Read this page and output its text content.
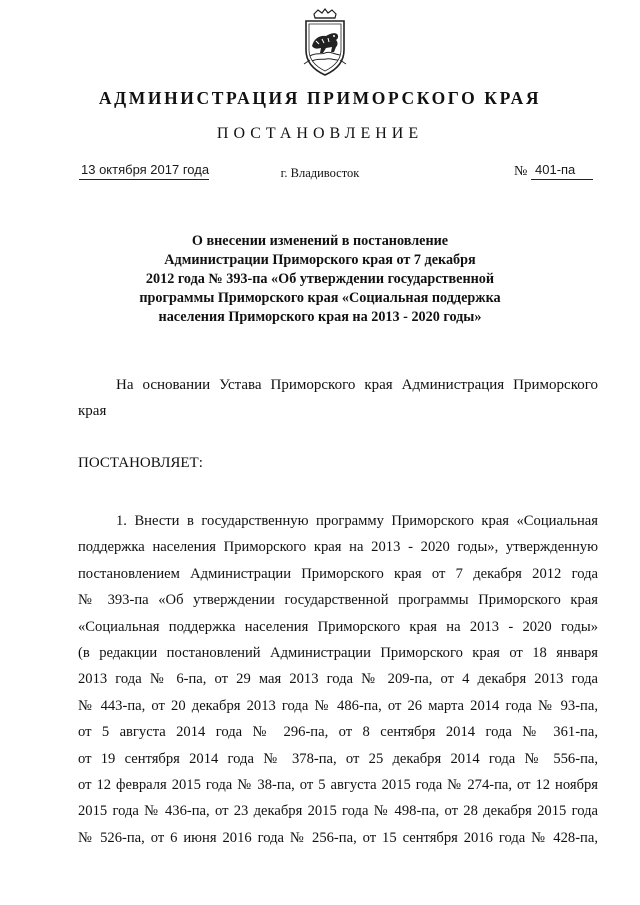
АДМИНИСТРАЦИЯ ПРИМОРСКОГО КРАЯ
ПОСТАНОВЛЕНИЕ
13 октября 2017 года	г. Владивосток	№ 401-па
О внесении изменений в постановление
Администрации Приморского края от 7 декабря
2012 года № 393-па «Об утверждении государственной
программы Приморского края «Социальная поддержка
населения Приморского края на 2013 - 2020 годы»
На основании Устава Приморского края Администрация Приморского
края
ПОСТАНОВЛЯЕТ:
1. Внести в государственную программу Приморского края «Социальная
поддержка населения Приморского края на 2013 - 2020 годы», утвержденную
постановлением Администрации Приморского края от 7 декабря 2012 года
№ 393-па «Об утверждении государственной программы Приморского края
«Социальная поддержка населения Приморского края на 2013 - 2020 годы»
(в редакции постановлений Администрации Приморского края от 18 января
2013 года № 6-па, от 29 мая 2013 года № 209-па, от 4 декабря 2013 года
№ 443-па, от 20 декабря 2013 года № 486-па, от 26 марта 2014 года № 93-па,
от 5 августа 2014 года № 296-па, от 8 сентября 2014 года № 361-па,
от 19 сентября 2014 года № 378-па, от 25 декабря 2014 года № 556-па,
от 12 февраля 2015 года № 38-па, от 5 августа 2015 года № 274-па, от 12 ноября
2015 года № 436-па, от 23 декабря 2015 года № 498-па, от 28 декабря 2015 года
№ 526-па, от 6 июня 2016 года № 256-па, от 15 сентября 2016 года № 428-па,
